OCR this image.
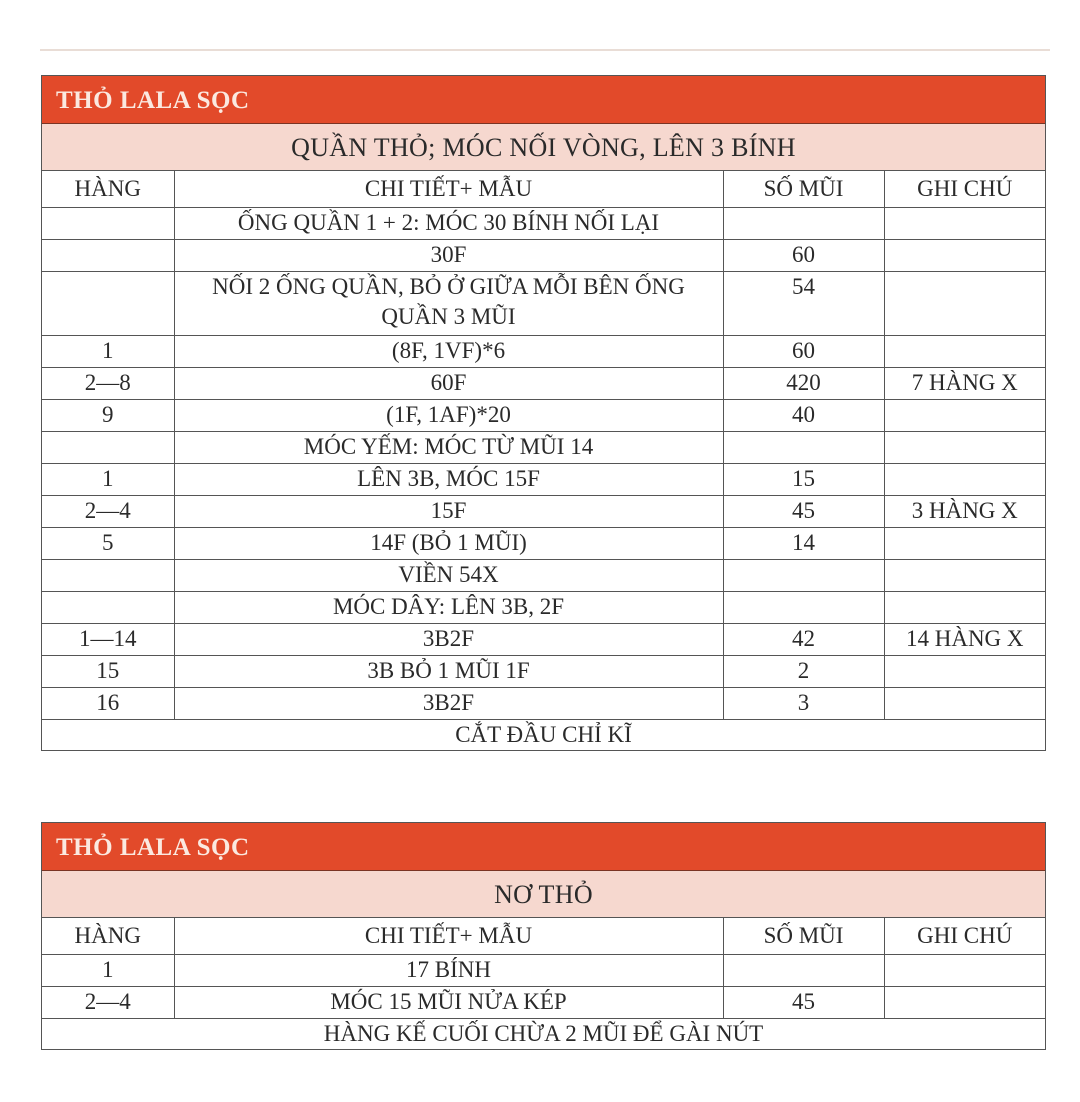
THỎ LALA SỌC
QUẦN THỎ; MÓC NỐI VÒNG, LÊN 3 BÍNH
HÀNG	CHI TIẾT+ MẪU	SỐ MŨI	GHI CHÚ
	ỐNG QUẦN 1 + 2: MÓC 30 BÍNH NỐI LẠI		
	30F	60	
	NỐI 2 ỐNG QUẦN, BỎ Ở GIỮA MỖI BÊN ỐNG QUẦN 3 MŨI	54	
1	(8F, 1VF)*6	60	
2—8	60F	420	7 HÀNG X
9	(1F, 1AF)*20	40	
	MÓC YẾM: MÓC TỪ MŨI 14		
1	LÊN 3B, MÓC 15F	15	
2—4	15F	45	3 HÀNG X
5	14F (BỎ 1 MŨI)	14	
	VIỀN 54X		
	MÓC DÂY: LÊN 3B, 2F		
1—14	3B2F	42	14 HÀNG X
15	3B BỎ 1 MŨI 1F	2	
16	3B2F	3	
CẮT ĐẦU CHỈ KĨ			
THỎ LALA SỌC
NƠ THỎ
HÀNG	CHI TIẾT+ MẪU	SỐ MŨI	GHI CHÚ
1	17 BÍNH		
2—4	MÓC 15 MŨI NỬA KÉP	45	
HÀNG KẾ CUỐI CHỪA 2 MŨI ĐỂ GÀI NÚT			
